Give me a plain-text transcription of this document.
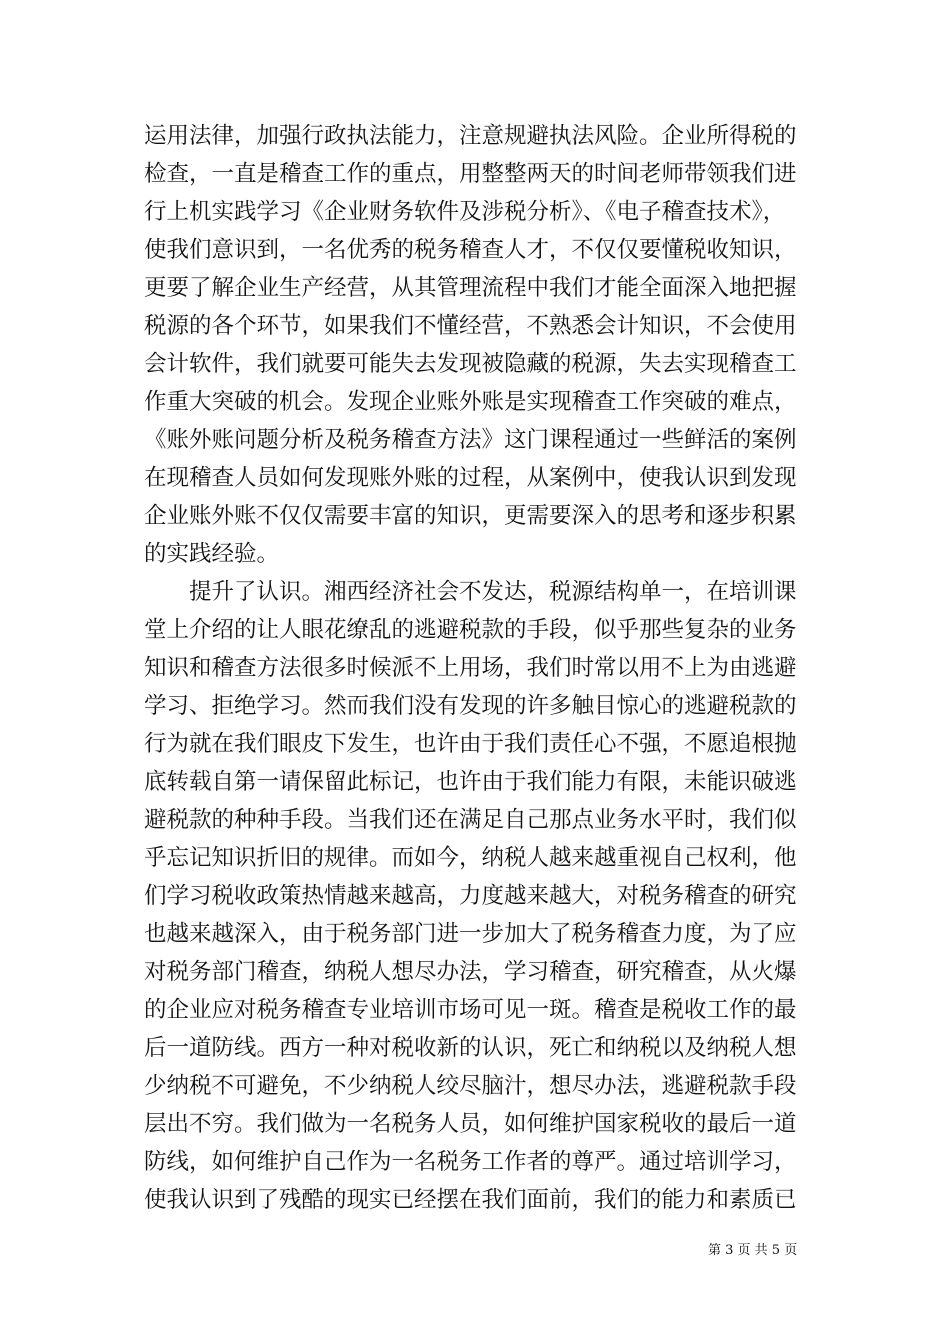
运用法律，加强行政执法能力，注意规避执法风险。企业所得税的
检查，一直是稽查工作的重点，用整整两天的时间老师带领我们进
行上机实践学习《企业财务软件及涉税分析》、《电子稽查技术》，
使我们意识到，一名优秀的税务稽查人才，不仅仅要懂税收知识，
更要了解企业生产经营，从其管理流程中我们才能全面深入地把握
税源的各个环节，如果我们不懂经营，不熟悉会计知识，不会使用
会计软件，我们就要可能失去发现被隐藏的税源，失去实现稽查工
作重大突破的机会。发现企业账外账是实现稽查工作突破的难点，
《账外账问题分析及税务稽查方法》这门课程通过一些鲜活的案例
在现稽查人员如何发现账外账的过程，从案例中，使我认识到发现
企业账外账不仅仅需要丰富的知识，更需要深入的思考和逐步积累
的实践经验。
提升了认识。湘西经济社会不发达，税源结构单一，在培训课
堂上介绍的让人眼花缭乱的逃避税款的手段，似乎那些复杂的业务
知识和稽查方法很多时候派不上用场，我们时常以用不上为由逃避
学习、拒绝学习。然而我们没有发现的许多触目惊心的逃避税款的
行为就在我们眼皮下发生，也许由于我们责任心不强，不愿追根抛
底转载自第一请保留此标记，也许由于我们能力有限，未能识破逃
避税款的种种手段。当我们还在满足自己那点业务水平时，我们似
乎忘记知识折旧的规律。而如今，纳税人越来越重视自己权利，他
们学习税收政策热情越来越高，力度越来越大，对税务稽查的研究
也越来越深入，由于税务部门进一步加大了税务稽查力度，为了应
对税务部门稽查，纳税人想尽办法，学习稽查，研究稽查，从火爆
的企业应对税务稽查专业培训市场可见一斑。稽查是税收工作的最
后一道防线。西方一种对税收新的认识，死亡和纳税以及纳税人想
少纳税不可避免，不少纳税人绞尽脑汁，想尽办法，逃避税款手段
层出不穷。我们做为一名税务人员，如何维护国家税收的最后一道
防线，如何维护自己作为一名税务工作者的尊严。通过培训学习，
使我认识到了残酷的现实已经摆在我们面前，我们的能力和素质已
第 3 页 共 5 页
